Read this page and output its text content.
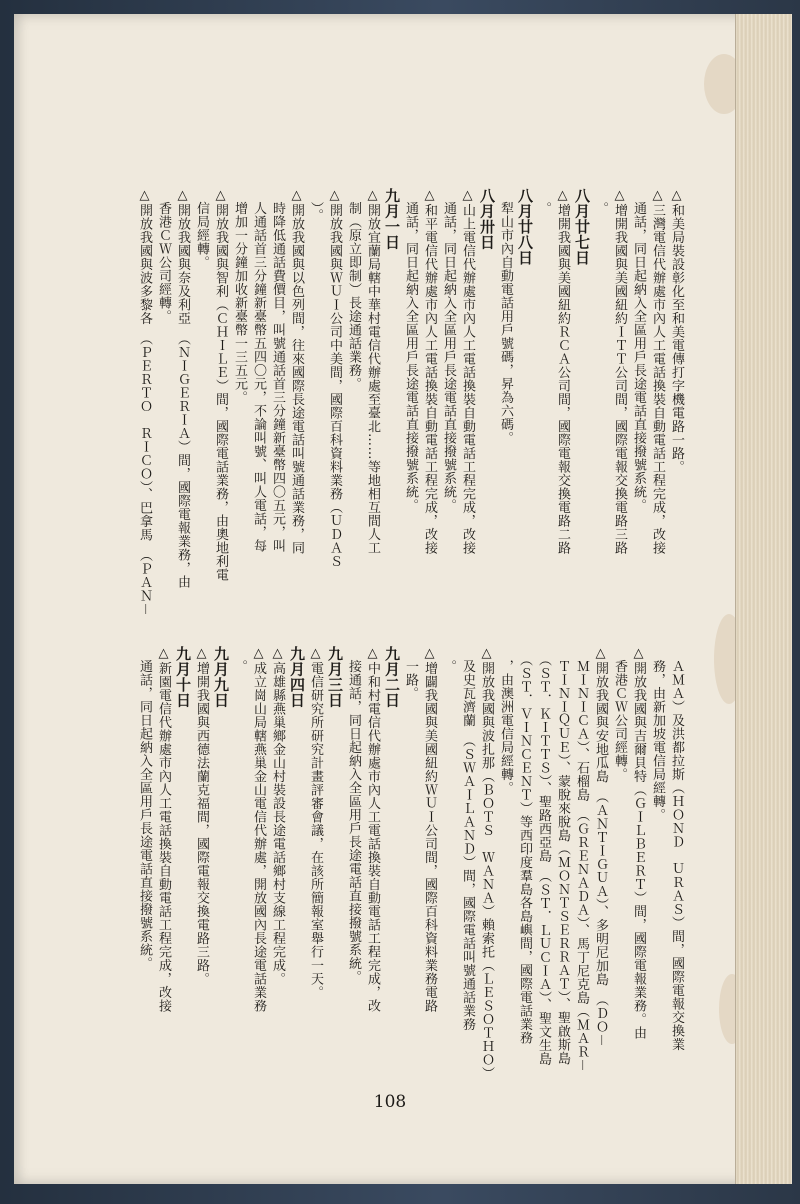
△和美局裝設彰化至和美電傳打字機電路一路。
△三灣電信代辦處市內人工電話換裝自動電話工程完成，改接
　通話，同日起納入全區用戶長途電話直接撥號系統。
△增開我國與美國紐約ＩＴＴ公司間，國際電報交換電路三路
　。
八月廿七日
△增開我國與美國紐約ＲＣＡ公司間，國際電報交換電路二路
　。
八月廿八日
　犁山市內自動電話用戶號碼，昇為六碼。
八月卅日
△山上電信代辦處市內人工電話換裝自動電話工程完成，改接
　通話，同日起納入全區用戶長途電話直接撥號系統。
△和平電信代辦處市內人工電話換裝自動電話工程完成，改接
　通話，同日起納入全區用戶長途電話直接撥號系統。
九月一日
△開放宜蘭局轄中華村電信代辦處至臺北……等地相互間人工
　制（原立即制）長途通話業務。
△開放我國與ＷＵＩ公司中美間，國際百科資料業務（ＵＤＡＳ
　）。
△開放我國與以色列間，往來國際長途電話叫號通話業務，同
　時降低通話費價目，叫號通話首三分鐘新臺幣四〇五元，叫
　人通話首三分鐘新臺幣五四〇元，不論叫號、叫人電話，每
　增加一分鐘加收新臺幣一三五元。
△開放我國與智利（ＣＨＩＬＥ）間，國際電話業務，由奧地利電
　信局經轉。
△開放我國與奈及利亞　（ＮＩＧＥＲＩＡ）間，國際電報業務，由
　香港ＣＷ公司經轉。
△開放我國與波多黎各　（ＰＥＲＴＯ　ＲＩＣＯ）、巴拿馬　（ＰＡＮ－
　ＡＭＡ）及洪都拉斯（ＨＯＮＤ　ＵＲＡＳ）間，國際電報交換業
　務，由新加坡電信局經轉。
△開放我國與吉爾貝特（ＧＩＬＢＥＲＴ）間，國際電報業務。由
　香港ＣＷ公司經轉。
△開放我國與安地瓜島　（ＡＮＴＩＧＵＡ）、多明尼加島　（ＤＯ－
　ＭＩＮＩＣＡ）、石榴島　（ＧＲＥＮＡＤＡ）、馬丁尼克島（ＭＡＲ－
　ＴＩＮＩＱＵＥ）、蒙脫來脫島（ＭＯＮＴＳＥＲＲＡＴ）、聖啟斯島
　（ＳＴ．ＫＩＴＴＳ）、聖路西亞島　（ＳＴ．ＬＵＣＩＡ）、聖文生島
　（ＳＴ．ＶＩＮＣＥＮＴ）等西印度羣島各島嶼間，國際電話業務
　，由澳洲電信局經轉。
△開放我國與波扎那（ＢＯＴＳ　ＷＡＮＡ）賴索托（ＬＥＳＯＴＨＯ）
　及史瓦濟蘭　（ＳＷＡＩＬＡＮＤ）間，國際電話叫號通話業務
　。
△增闢我國與美國紐約ＷＵＩ公司間，國際百科資料業務電路
　一路。
九月二日
△中和村電信代辦處市內人工電話換裝自動電話工程完成，改
　接通話，同日起納入全區用戶長途電話直接撥號系統。
九月三日
△電信研究所研究計畫評審會議，在該所簡報室舉行一天。
九月四日
△高雄縣燕巢鄉金山村裝設長途電話鄉村支線工程完成。
△成立崗山局轄燕巢金山電信代辦處，開放國內長途電話業務
　。
九月九日
△增開我國與西德法蘭克福間，國際電報交換電路三路。
九月十日
△新園電信代辦處市內人工電話換裝自動電話工程完成，改接
　通話，同日起納入全區用戶長途電話直接撥號系統。
108
